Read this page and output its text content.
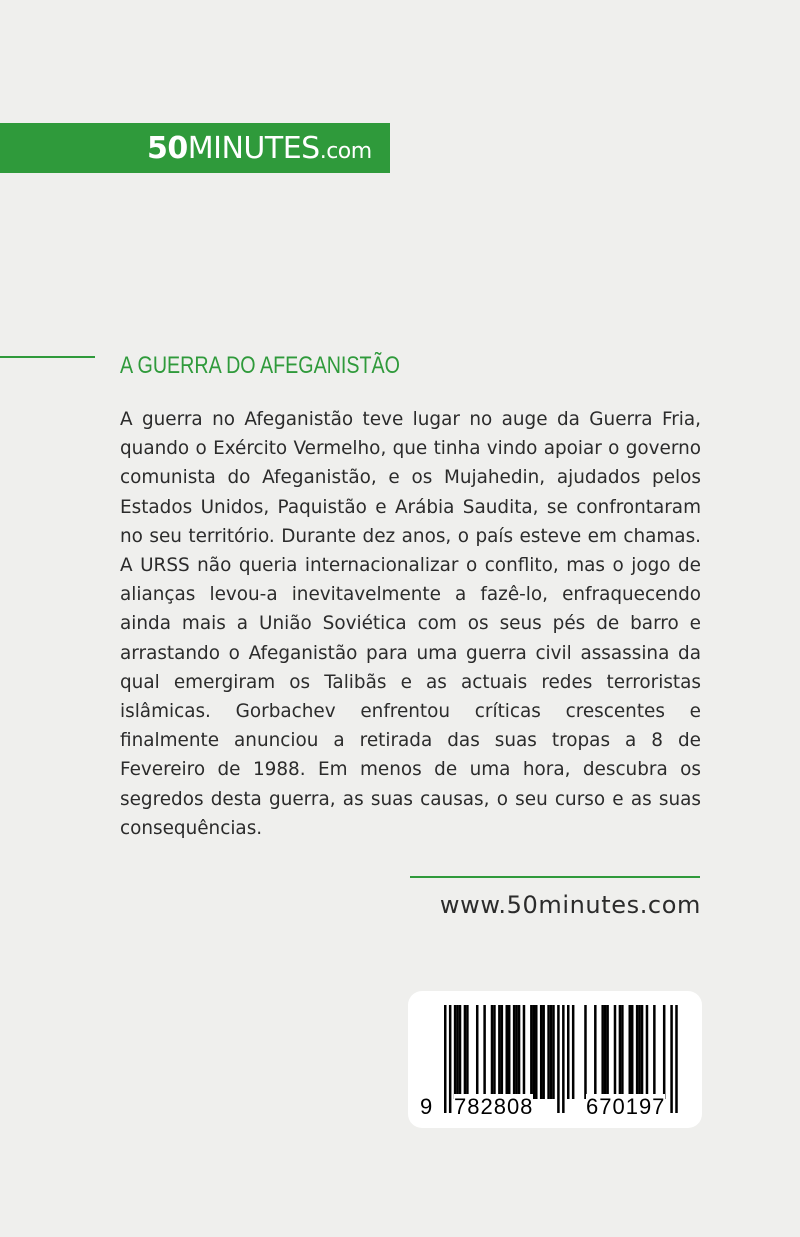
50MINUTES.com
A GUERRA DO AFEGANISTÃO

A guerra no Afeganistão teve lugar no auge da Guerra Fria, quando o Exército Vermelho, que tinha vindo apoiar o governo comunista do Afeganistão, e os Mujahedin, ajudados pelos Estados Unidos, Paquistão e Arábia Saudita, se confrontaram no seu território. Durante dez anos, o país esteve em chamas. A URSS não queria internacionalizar o conflito, mas o jogo de alianças levou-a inevitavelmente a fazê-lo, enfraquecendo ainda mais a União Soviética com os seus pés de barro e arrastando o Afeganistão para uma guerra civil assassina da qual emergiram os Talibãs e as actuais redes terroristas islâmicas. Gorbachev enfrentou críticas crescentes e finalmente anunciou a retirada das suas tropas a 8 de Fevereiro de 1988. Em menos de uma hora, descubra os segredos desta guerra, as suas causas, o seu curso e as suas consequências.

www.50minutes.com
9 782808 670197
